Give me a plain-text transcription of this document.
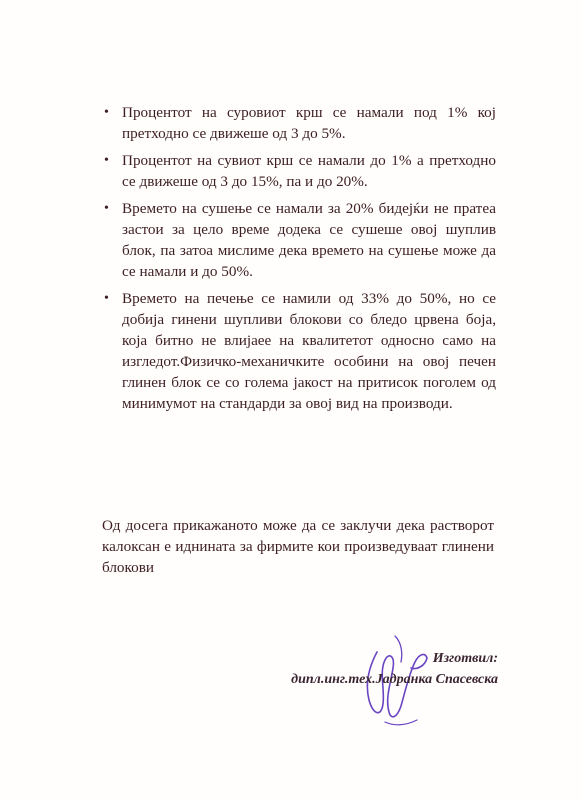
• Процентот на суровиот крш се намали под 1% кој претходно се движеше од 3 до 5%.
• Процентот на сувиот крш се намали до 1% а претходно се движеше од 3 до 15%, па и до 20%.
• Времето на сушење се намали за 20% бидејќи не пратеа застои за цело време додека се сушеше овој шуплив блок, па затоа мислиме дека времето на сушење може да се намали и до 50%.
• Времето на печење се намили од 33% до 50%, но се добија гинени шупливи блокови со бледо црвена боја, која битно не влијаеe на квалитетот односно само на изгледот.Физичко-механичките особини на овој печен глинен блок се со голема јакост на притисок поголем од минимумот на стандарди за овој вид на производи.

Од досега прикажаното може да се заклучи дека растворот калоксан е иднината за фирмите кои произведуваат глинени блокови

Изготвил:
дипл.инг.тех.Јадранка Спасевска
